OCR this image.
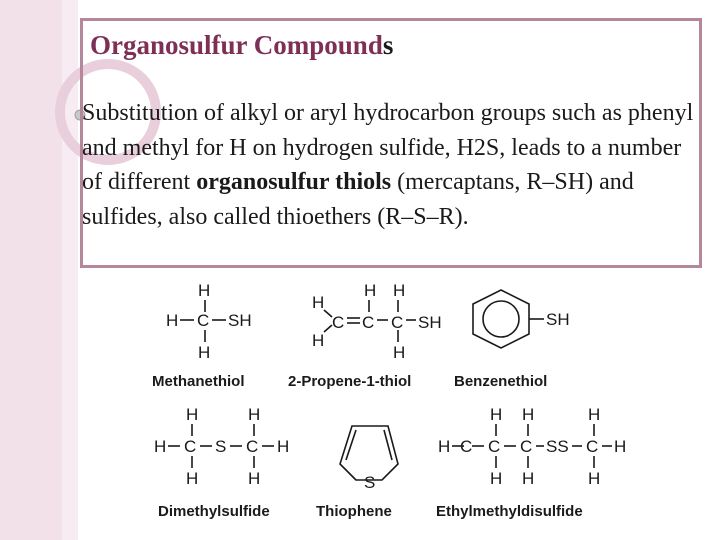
Organosulfur Compounds

Substitution of alkyl or aryl hydrocarbon groups such as phenyl and methyl for H on hydrogen sulfide, H2S, leads to a number of different organosulfur thiols (mercaptans, R–SH) and sulfides, also called thioethers (R–S–R).

H
H C SH
H
Methanethiol
H
H
C C
H
C
H
H
SH
2-Propene-1-thiol
SH
Benzenethiol
H
H C S C
H
H
H	H
Dimethylsulfide
S
Thiophene
H
H
C
H
C
C	SS C
H
H
H H	H
Ethylmethyldisulfide
